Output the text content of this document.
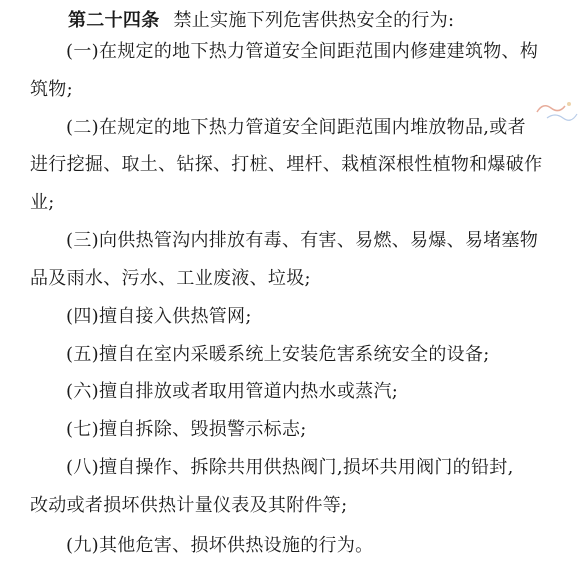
第二十四条 禁止实施下列危害供热安全的行为:
(一)在规定的地下热力管道安全间距范围内修建建筑物、构
筑物;
(二)在规定的地下热力管道安全间距范围内堆放物品,或者
进行挖掘、取土、钻探、打桩、埋杆、栽植深根性植物和爆破作
业;
(三)向供热管沟内排放有毒、有害、易燃、易爆、易堵塞物
品及雨水、污水、工业废液、垃圾;
(四)擅自接入供热管网;
(五)擅自在室内采暖系统上安装危害系统安全的设备;
(六)擅自排放或者取用管道内热水或蒸汽;
(七)擅自拆除、毁损警示标志;
(八)擅自操作、拆除共用供热阀门,损坏共用阀门的铅封,
改动或者损坏供热计量仪表及其附件等;
(九)其他危害、损坏供热设施的行为。
